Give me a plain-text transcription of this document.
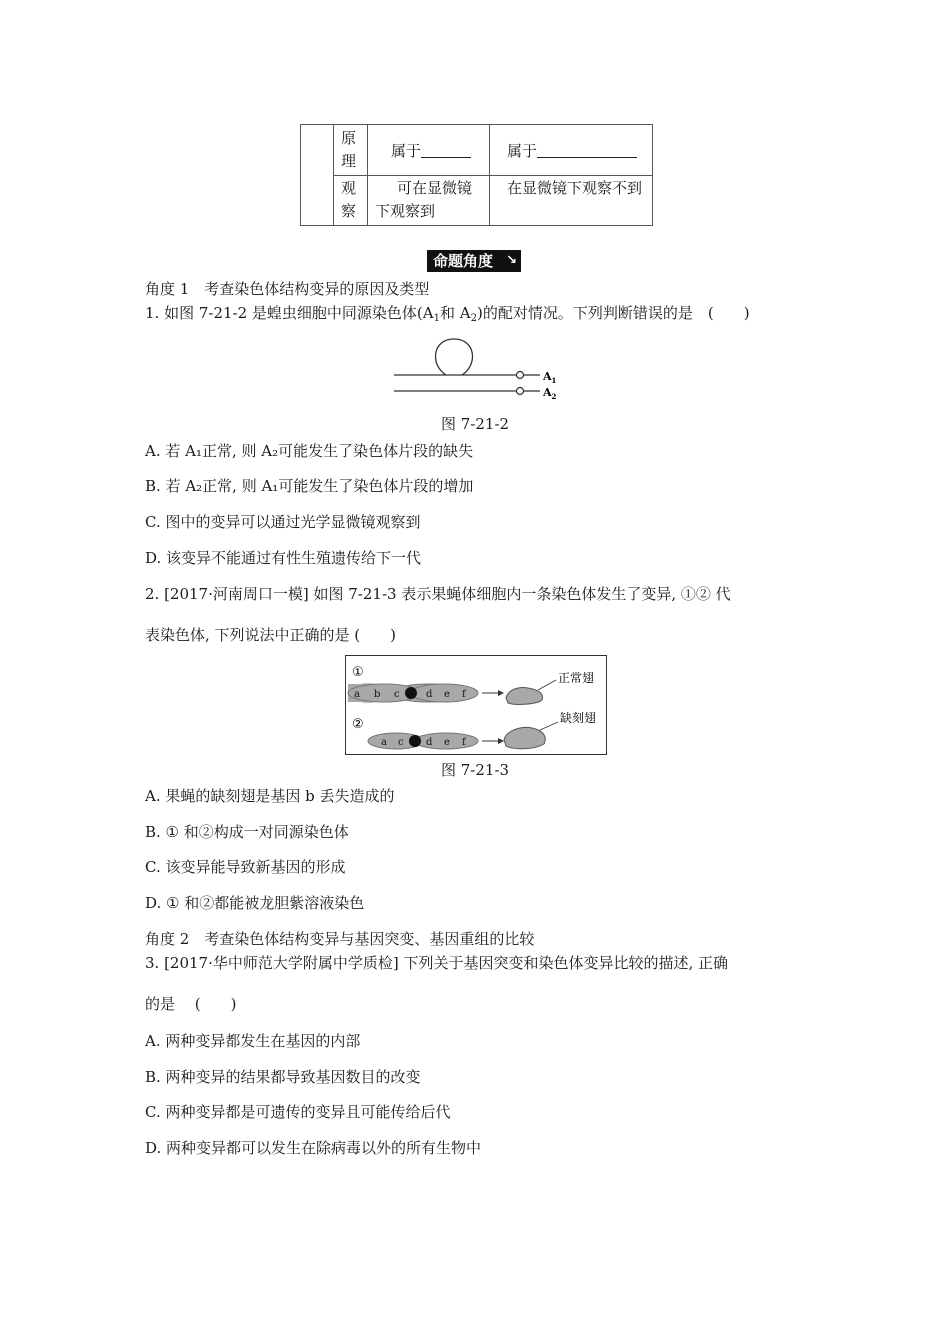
原理
属于	属于
观察
可在显微镜下观察到
在显微镜下观察不到
命题角度 ↘
角度 1　考查染色体结构变异的原因及类型
1. 如图 7-21-2 是蝗虫细胞中同源染色体($A_1$和 $A_2$)的配对情况。下列判断错误的是　(　　)
$A_1$
$A_2$
图 7-21-2
A. 若 A₁正常, 则 A₂可能发生了染色体片段的缺失
B. 若 A₂正常, 则 A₁可能发生了染色体片段的增加
C. 图中的变异可以通过光学显微镜观察到
D. 该变异不能通过有性生殖遗传给下一代
2. [2017·河南周口一模] 如图 7-21-3 表示果蝇体细胞内一条染色体发生了变异, ①② 代
表染色体, 下列说法中正确的是 (　　)
①
a b c	d e f
正常翅
②
a c d e f
缺刻翅
图 7-21-3
A. 果蝇的缺刻翅是基因 b 丢失造成的
B. ① 和②构成一对同源染色体
C. 该变异能导致新基因的形成
D. ① 和②都能被龙胆紫溶液染色
角度 2　考查染色体结构变异与基因突变、基因重组的比较
3. [2017·华中师范大学附属中学质检] 下列关于基因突变和染色体变异比较的描述, 正确
的是　 (　　)
A. 两种变异都发生在基因的内部
B. 两种变异的结果都导致基因数目的改变
C. 两种变异都是可遗传的变异且可能传给后代
D. 两种变异都可以发生在除病毒以外的所有生物中
